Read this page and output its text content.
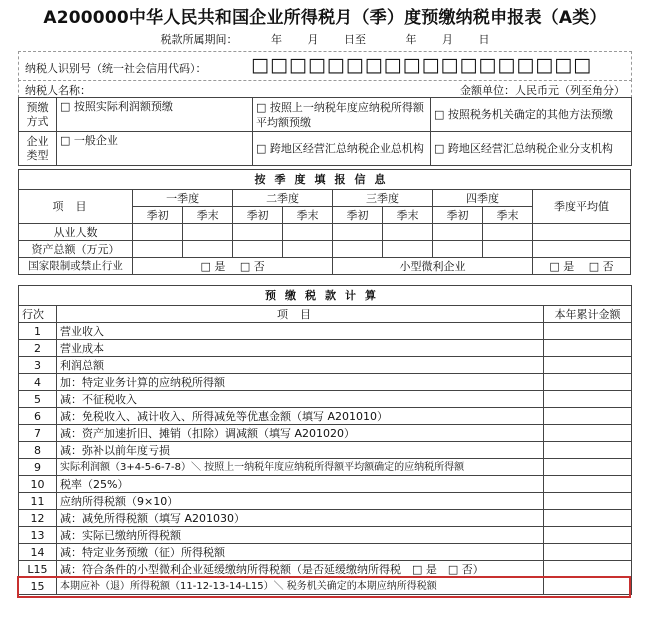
A200000中华人民共和国企业所得税月（季）度预缴纳税申报表（A类）
税款所属期间：	年 月 日至	年 月 日
纳税人识别号（统一社会信用代码）： □□□□□□□□□□□□□□□□□□
纳税人名称：	金额单位：人民币元（列至角分）
预缴方式	□ 按照实际利润额预缴	□ 按照上一纳税年度应纳税所得额平均额预缴	□ 按照税务机关确定的其他方法预缴
企业类型	□ 一般企业	□ 跨地区经营汇总纳税企业总机构	□ 跨地区经营汇总纳税企业分支机构
按季度填报信息									
项目	一季度		二季度		三季度		四季度		季度平均值
	季初	季末	季初	季末	季初	季末	季初	季末	
从业人数									
资产总额（万元）									
国家限制或禁止行业	□ 是　 □ 否				小型微利企业				□ 是　 □ 否
预缴税款计算		
行次	项目	本年累计金额
1	营业收入	
2	营业成本	
3	利润总额	
4	加：特定业务计算的应纳税所得额	
5	减：不征税收入	
6	减：免税收入、减计收入、所得减免等优惠金额（填写 A201010）	
7	减：资产加速折旧、摊销（扣除）调减额（填写 A201020）	
8	减：弥补以前年度亏损	
9	实际利润额（3+4-5-6-7-8）＼ 按照上一纳税年度应纳税所得额平均额确定的应纳税所得额	
10	税率（25%）	
11	应纳所得税额（9×10）	
12	减：减免所得税额（填写 A201030）	
13	减：实际已缴纳所得税额	
14	减：特定业务预缴（征）所得税额	
L15	减：符合条件的小型微利企业延缓缴纳所得税额（是否延缓缴纳所得税　□ 是　□ 否）	
15	本期应补（退）所得税额（11-12-13-14-L15）＼ 税务机关确定的本期应纳所得税额	
